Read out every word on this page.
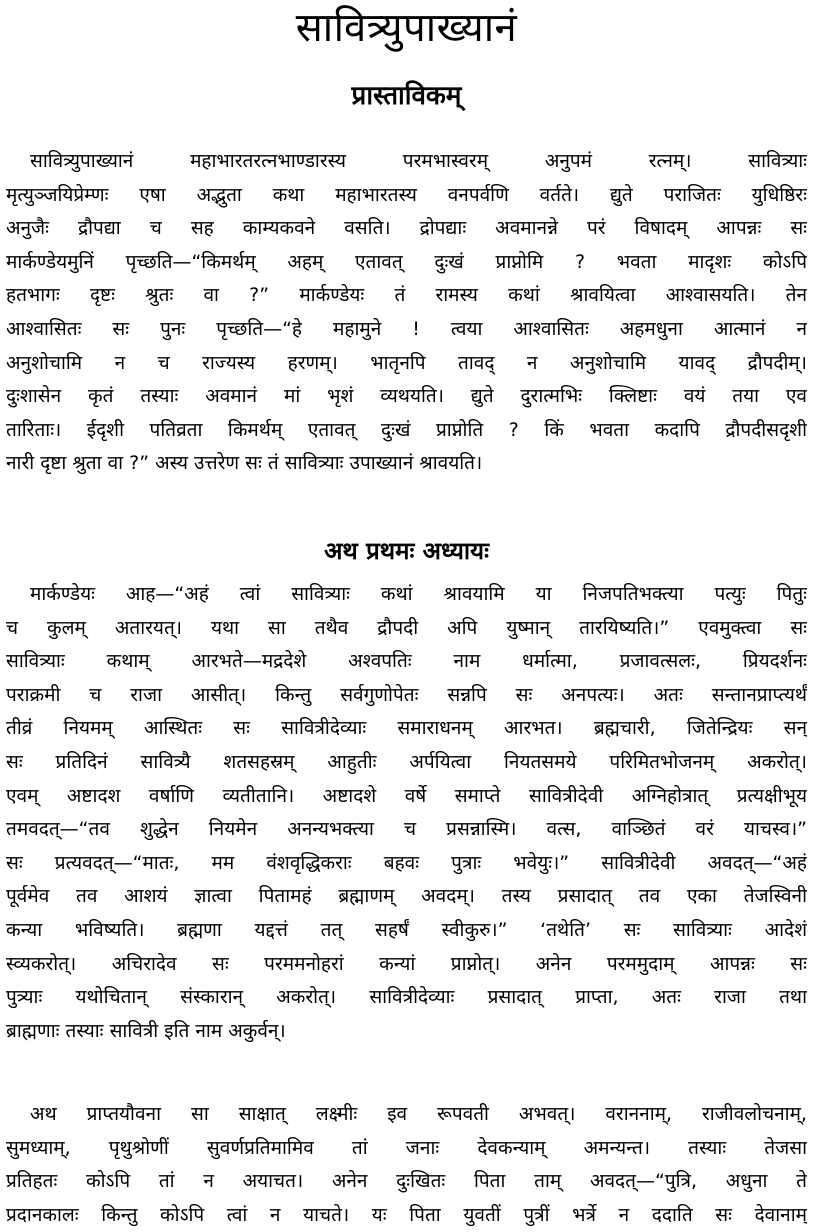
सावित्र्युपाख्यानं
प्रास्ताविकम्
सावित्र्युपाख्यानं महाभारतरत्नभाण्डारस्य परमभास्वरम् अनुपमं रत्नम्। सावित्र्याः
मृत्युञ्जयिप्रेम्णः एषा अद्भुता कथा महाभारतस्य वनपर्वणि वर्तते। द्युते पराजितः युधिष्ठिरः
अनुजैः द्रौपद्या च सह काम्यकवने वसति। द्रोपद्याः अवमानन्ने परं विषादम् आपन्नः सः
मार्कण्डेयमुनिं पृच्छति—“किमर्थम् अहम् एतावत् दुःखं प्राप्नोमि ? भवता मादृशः कोऽपि
हतभागः दृष्टः श्रुतः वा ?” मार्कण्डेयः तं रामस्य कथां श्रावयित्वा आश्वासयति। तेन
आश्वासितः सः पुनः पृच्छति—“हे महामुने ! त्वया आश्वासितः अहमधुना आत्मानं न
अनुशोचामि न च राज्यस्य हरणम्। भातृनपि तावद् न अनुशोचामि यावद् द्रौपदीम्।
दुःशासेन कृतं तस्याः अवमानं मां भृशं व्यथयति। द्युते दुरात्मभिः क्लिष्टाः वयं तया एव
तारिताः। ईदृशी पतिव्रता किमर्थम् एतावत् दुःखं प्राप्नोति ? किं भवता कदापि द्रौपदीसदृशी
नारी दृष्टा श्रुता वा ?” अस्य उत्तरेण सः तं सावित्र्याः उपाख्यानं श्रावयति।
अथ प्रथमः अध्यायः
मार्कण्डेयः आह—“अहं त्वां सावित्र्याः कथां श्रावयामि या निजपतिभक्त्या पत्युः पितुः
च कुलम् अतारयत्। यथा सा तथैव द्रौपदी अपि युष्मान् तारयिष्यति।” एवमुक्त्वा सः
सावित्र्याः कथाम् आरभते—मद्रदेशे अश्वपतिः नाम धर्मात्मा, प्रजावत्सलः, प्रियदर्शनः
पराक्रमी च राजा आसीत्। किन्तु सर्वगुणोपेतः सन्नपि सः अनपत्यः। अतः सन्तानप्राप्त्यर्थं
तीव्रं नियमम् आस्थितः सः सावित्रीदेव्याः समाराधनम् आरभत। ब्रह्मचारी, जितेन्द्रियः सन्
सः प्रतिदिनं सावित्र्यै शतसहस्रम् आहुतीः अर्पयित्वा नियतसमये परिमितभोजनम् अकरोत्।
एवम् अष्टादश वर्षाणि व्यतीतानि। अष्टादशे वर्षे समाप्ते सावित्रीदेवी अग्निहोत्रात् प्रत्यक्षीभूय
तमवदत्—“तव शुद्धेन नियमेन अनन्यभक्त्या च प्रसन्नास्मि। वत्स, वाञ्छितं वरं याचस्व।”
सः प्रत्यवदत्—“मातः, मम वंशवृद्धिकराः बहवः पुत्राः भवेयुः।” सावित्रीदेवी अवदत्—“अहं
पूर्वमेव तव आशयं ज्ञात्वा पितामहं ब्रह्माणम् अवदम्। तस्य प्रसादात् तव एका तेजस्विनी
कन्या भविष्यति। ब्रह्मणा यद्दत्तं तत् सहर्षं स्वीकुरु।” ‘तथेति’ सः सावित्र्याः आदेशं
स्व्यकरोत्। अचिरादेव सः परममनोहरां कन्यां प्राप्नोत्। अनेन परममुदाम् आपन्नः सः
पुत्र्याः यथोचितान् संस्कारान् अकरोत्। सावित्रीदेव्याः प्रसादात् प्राप्ता, अतः राजा तथा
ब्राह्मणाः तस्याः सावित्री इति नाम अकुर्वन्।
अथ प्राप्तयौवना सा साक्षात् लक्ष्मीः इव रूपवती अभवत्। वराननाम्, राजीवलोचनाम्,
सुमध्याम्, पृथुश्रोणीं सुवर्णप्रतिमामिव तां जनाः देवकन्याम् अमन्यन्त। तस्याः तेजसा
प्रतिहतः कोऽपि तां न अयाचत। अनेन दुःखितः पिता ताम् अवदत्—“पुत्रि, अधुना ते
प्रदानकालः किन्तु कोऽपि त्वां न याचते। यः पिता युवतीं पुत्रीं भर्त्रे न ददाति सः देवानाम्
